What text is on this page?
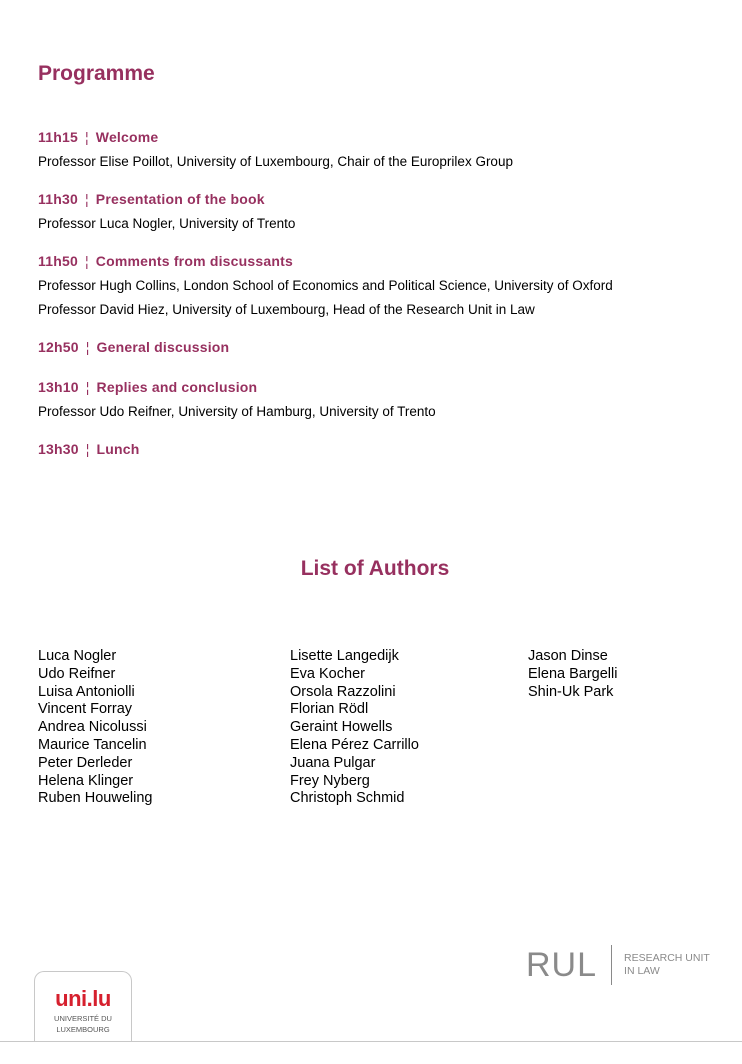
Programme
11h15 ¦ Welcome
Professor Elise Poillot, University of Luxembourg, Chair of the Europrilex Group
11h30 ¦ Presentation of the book
Professor Luca Nogler, University of Trento
11h50 ¦ Comments from discussants
Professor Hugh Collins, London School of Economics and Political Science, University of Oxford
Professor David Hiez, University of Luxembourg, Head of the Research Unit in Law
12h50 ¦ General discussion
13h10 ¦ Replies and conclusion
Professor Udo Reifner, University of Hamburg, University of Trento
13h30 ¦ Lunch
List of Authors
Luca Nogler
Udo Reifner
Luisa Antoniolli
Vincent Forray
Andrea Nicolussi
Maurice Tancelin
Peter Derleder
Helena Klinger
Ruben Houweling
Lisette Langedijk
Eva Kocher
Orsola Razzolini
Florian Rödl
Geraint Howells
Elena Pérez Carrillo
Juana Pulgar
Frey Nyberg
Christoph Schmid
Jason Dinse
Elena Bargelli
Shin-Uk Park
RUL	RESEARCH UNIT
IN LAW
uni.lu
UNIVERSITÉ DU
LUXEMBOURG
